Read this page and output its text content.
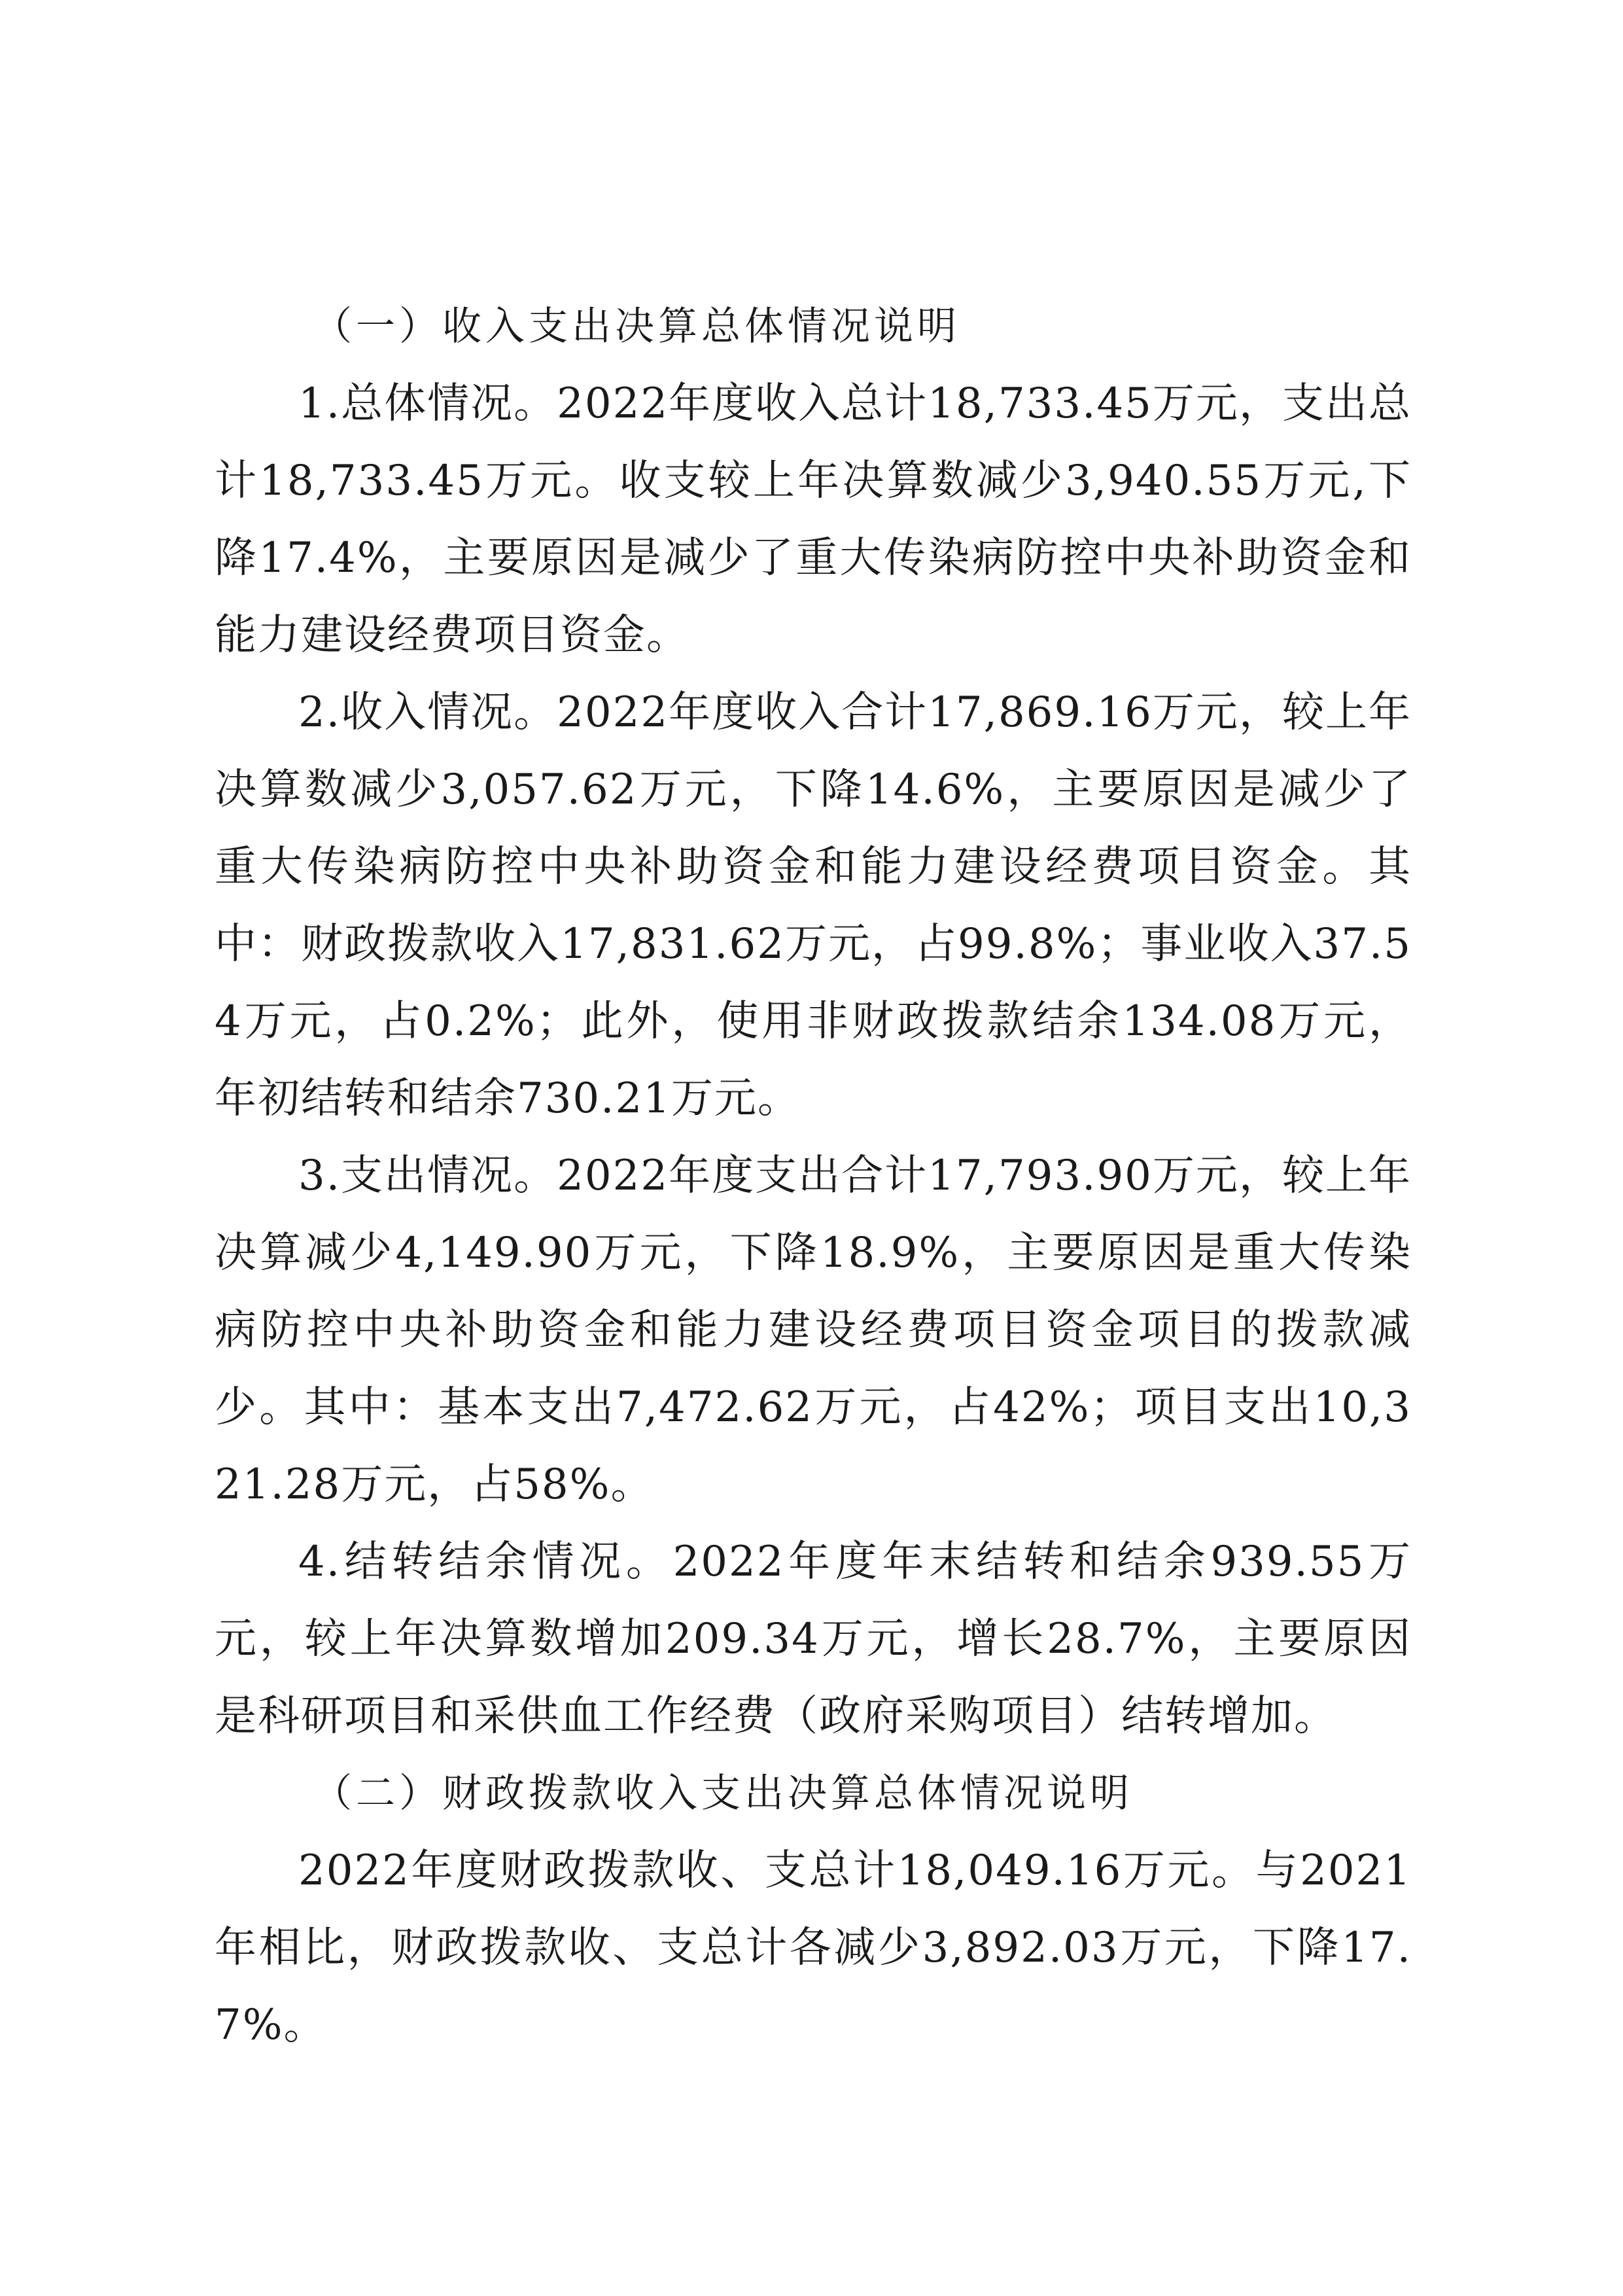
（一）收入支出决算总体情况说明

1.总体情况。2022年度收入总计18,733.45万元，支出总计18,733.45万元。收支较上年决算数减少3,940.55万元,下降17.4%，主要原因是减少了重大传染病防控中央补助资金和能力建设经费项目资金。

2.收入情况。2022年度收入合计17,869.16万元，较上年决算数减少3,057.62万元，下降14.6%，主要原因是减少了重大传染病防控中央补助资金和能力建设经费项目资金。其中：财政拨款收入17,831.62万元，占99.8%；事业收入37.54万元，占0.2%；此外，使用非财政拨款结余134.08万元，年初结转和结余730.21万元。

3.支出情况。2022年度支出合计17,793.90万元，较上年决算减少4,149.90万元，下降18.9%，主要原因是重大传染病防控中央补助资金和能力建设经费项目资金项目的拨款减少。其中：基本支出7,472.62万元，占42%；项目支出10,321.28万元，占58%。

4.结转结余情况。2022年度年末结转和结余939.55万元，较上年决算数增加209.34万元，增长28.7%，主要原因是科研项目和采供血工作经费（政府采购项目）结转增加。

（二）财政拨款收入支出决算总体情况说明

2022年度财政拨款收、支总计18,049.16万元。与2021年相比，财政拨款收、支总计各减少3,892.03万元，下降17.7%。
